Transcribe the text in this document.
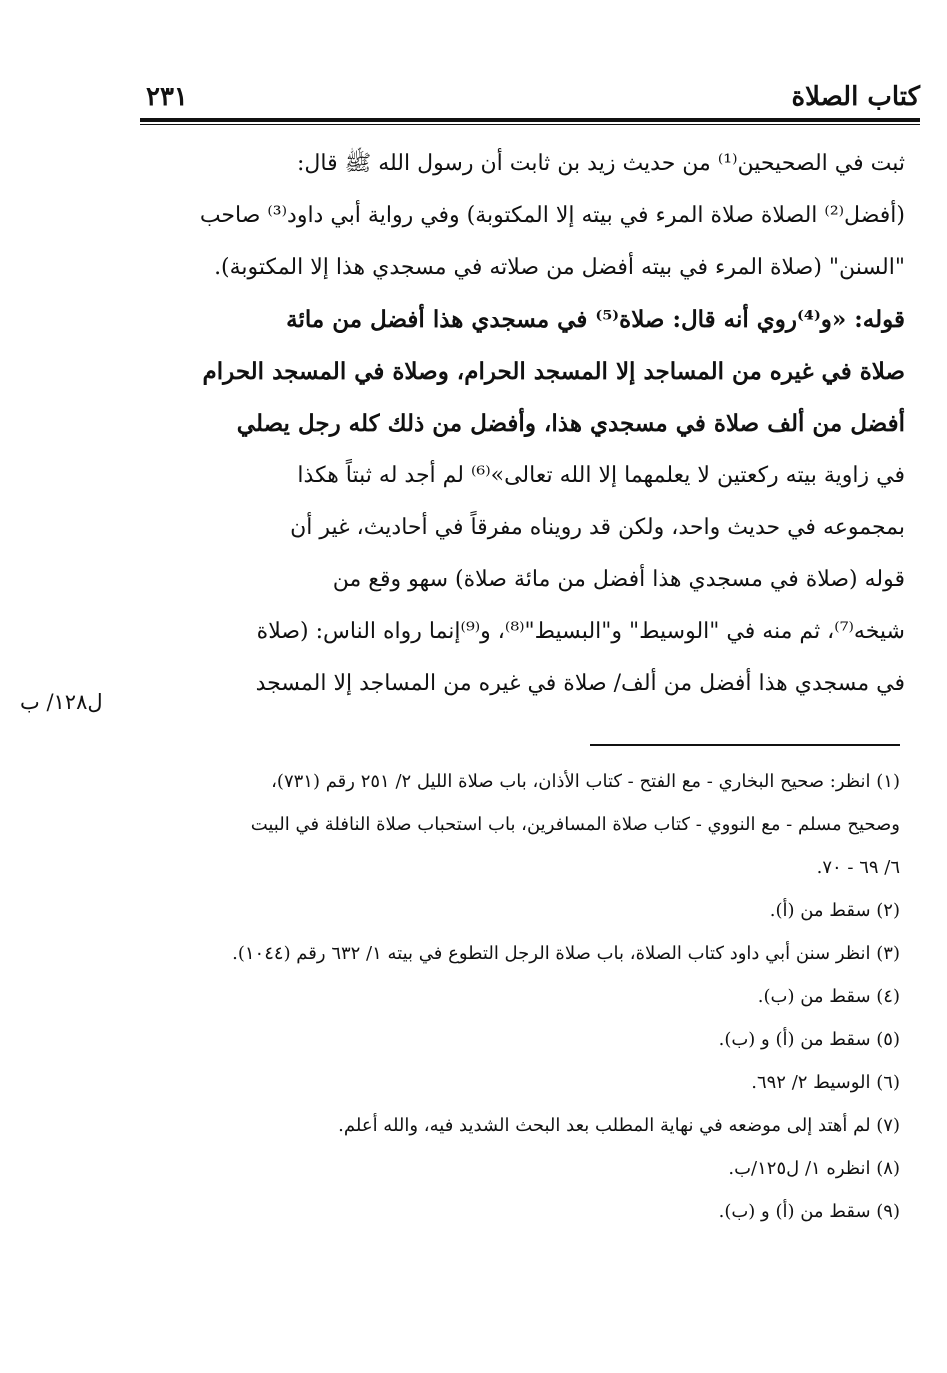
كتاب الصلاة
٢٣١
ثبت في الصحيحين⁽¹⁾ من حديث زيد بن ثابت أن رسول الله ﷺ قال:
(أفضل⁽²⁾ الصلاة صلاة المرء في بيته إلا المكتوبة) وفي رواية أبي داود⁽³⁾ صاحب
"السنن" (صلاة المرء في بيته أفضل من صلاته في مسجدي هذا إلا المكتوبة).
قوله: «و⁽⁴⁾روي أنه قال: صلاة⁽⁵⁾ في مسجدي هذا أفضل من مائة
صلاة في غيره من المساجد إلا المسجد الحرام، وصلاة في المسجد الحرام
أفضل من ألف صلاة في مسجدي هذا، وأفضل من ذلك كله رجل يصلي
في زاوية بيته ركعتين لا يعلمهما إلا الله تعالى»⁽⁶⁾ لم أجد له ثبتاً هكذا
بمجموعه في حديث واحد، ولكن قد رويناه مفرقاً في أحاديث، غير أن
قوله (صلاة في مسجدي هذا أفضل من مائة صلاة) سهو وقع من
شيخه⁽⁷⁾، ثم منه في "الوسيط" و"البسيط"⁽⁸⁾، و⁽⁹⁾إنما رواه الناس: (صلاة
في مسجدي هذا أفضل من ألف/ صلاة في غيره من المساجد إلا المسجد
ل١٢٨/ ب
(١) انظر: صحيح البخاري - مع الفتح - كتاب الأذان، باب صلاة الليل ٢/ ٢٥١ رقم (٧٣١)،
وصحيح مسلم - مع النووي - كتاب صلاة المسافرين، باب استحباب صلاة النافلة في البيت
٦/ ٦٩ - ٧٠.
(٢) سقط من (أ).
(٣) انظر سنن أبي داود كتاب الصلاة، باب صلاة الرجل التطوع في بيته ١/ ٦٣٢ رقم (١٠٤٤).
(٤) سقط من (ب).
(٥) سقط من (أ) و (ب).
(٦) الوسيط ٢/ ٦٩٢.
(٧) لم أهتد إلى موضعه في نهاية المطلب بعد البحث الشديد فيه، والله أعلم.
(٨) انظره ١/ ل١٢٥/ب.
(٩) سقط من (أ) و (ب).
